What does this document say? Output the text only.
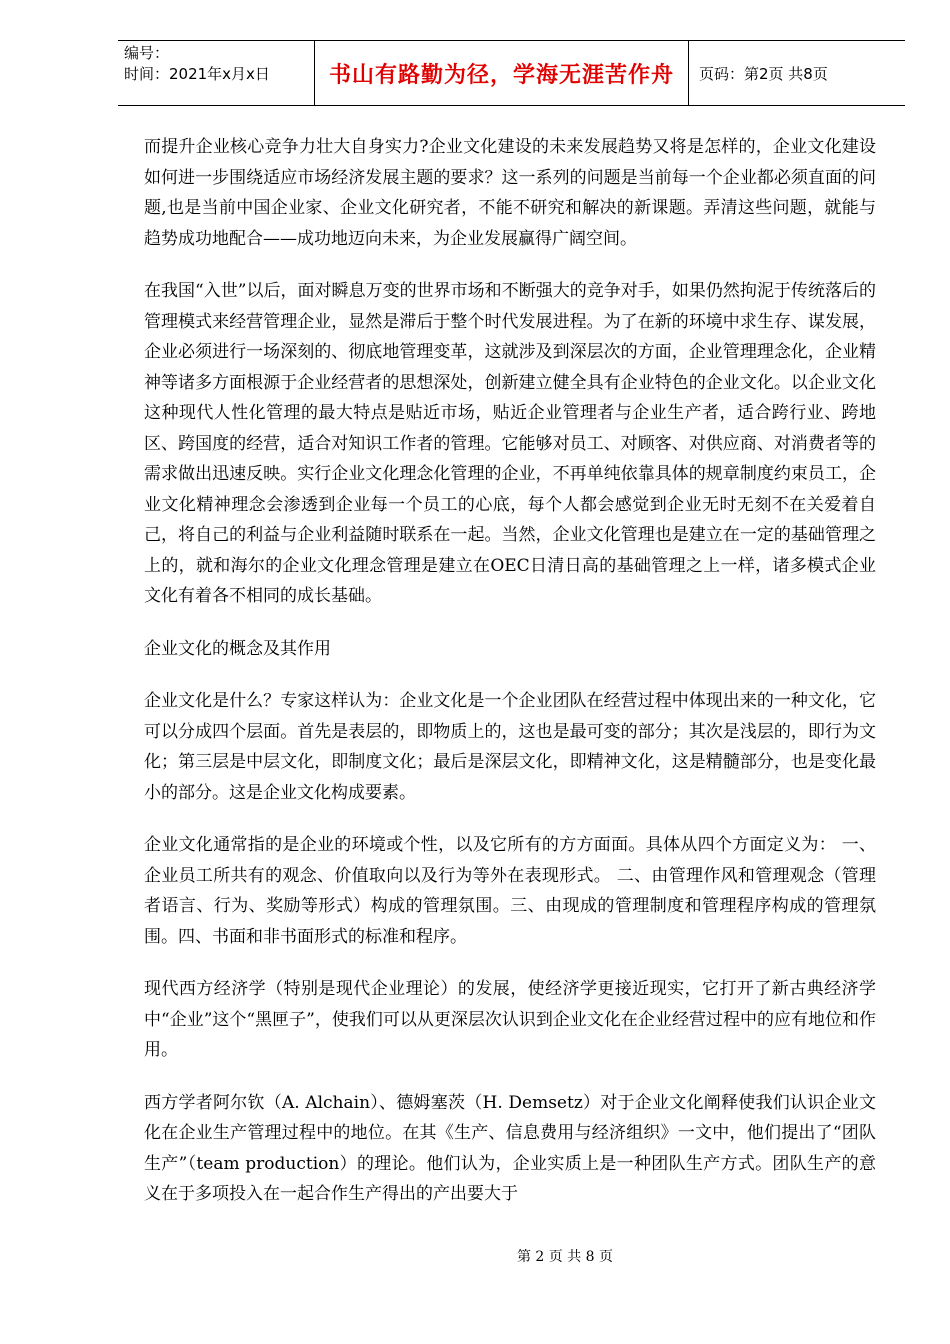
编号：
时间：2021年x月x日	书山有路勤为径，学海无涯苦作舟 页码：第2页 共8页

而提升企业核心竞争力壮大自身实力?企业文化建设的未来发展趋势又将是怎样的，企业文化建设如何进一步围绕适应市场经济发展主题的要求？这一系列的问题是当前每一个企业都必须直面的问题,也是当前中国企业家、企业文化研究者，不能不研究和解决的新课题。弄清这些问题，就能与趋势成功地配合——成功地迈向未来，为企业发展赢得广阔空间。

在我国“入世”以后，面对瞬息万变的世界市场和不断强大的竞争对手，如果仍然拘泥于传统落后的管理模式来经营管理企业，显然是滞后于整个时代发展进程。为了在新的环境中求生存、谋发展，企业必须进行一场深刻的、彻底地管理变革，这就涉及到深层次的方面，企业管理理念化，企业精神等诸多方面根源于企业经营者的思想深处，创新建立健全具有企业特色的企业文化。以企业文化这种现代人性化管理的最大特点是贴近市场，贴近企业管理者与企业生产者，适合跨行业、跨地区、跨国度的经营，适合对知识工作者的管理。它能够对员工、对顾客、对供应商、对消费者等的需求做出迅速反映。实行企业文化理念化管理的企业，不再单纯依靠具体的规章制度约束员工，企业文化精神理念会渗透到企业每一个员工的心底，每个人都会感觉到企业无时无刻不在关爱着自己，将自己的利益与企业利益随时联系在一起。当然，企业文化管理也是建立在一定的基础管理之上的，就和海尔的企业文化理念管理是建立在OEC日清日高的基础管理之上一样，诸多模式企业文化有着各不相同的成长基础。

企业文化的概念及其作用

企业文化是什么？专家这样认为：企业文化是一个企业团队在经营过程中体现出来的一种文化，它可以分成四个层面。首先是表层的，即物质上的，这也是最可变的部分；其次是浅层的，即行为文化；第三层是中层文化，即制度文化；最后是深层文化，即精神文化，这是精髓部分，也是变化最小的部分。这是企业文化构成要素。

企业文化通常指的是企业的环境或个性，以及它所有的方方面面。具体从四个方面定义为： 一、企业员工所共有的观念、价值取向以及行为等外在表现形式。 二、由管理作风和管理观念（管理者语言、行为、奖励等形式）构成的管理氛围。三、由现成的管理制度和管理程序构成的管理氛围。四、书面和非书面形式的标准和程序。

现代西方经济学（特别是现代企业理论）的发展，使经济学更接近现实，它打开了新古典经济学中“企业”这个“黑匣子”，使我们可以从更深层次认识到企业文化在企业经营过程中的应有地位和作用。

西方学者阿尔钦（A. Alchain）、德姆塞茨（H. Demsetz）对于企业文化阐释使我们认识企业文化在企业生产管理过程中的地位。在其《生产、信息费用与经济组织》一文中，他们提出了“团队生产”（team production）的理论。他们认为，企业实质上是一种团队生产方式。团队生产的意义在于多项投入在一起合作生产得出的产出要大于

第 2 页 共 8 页
